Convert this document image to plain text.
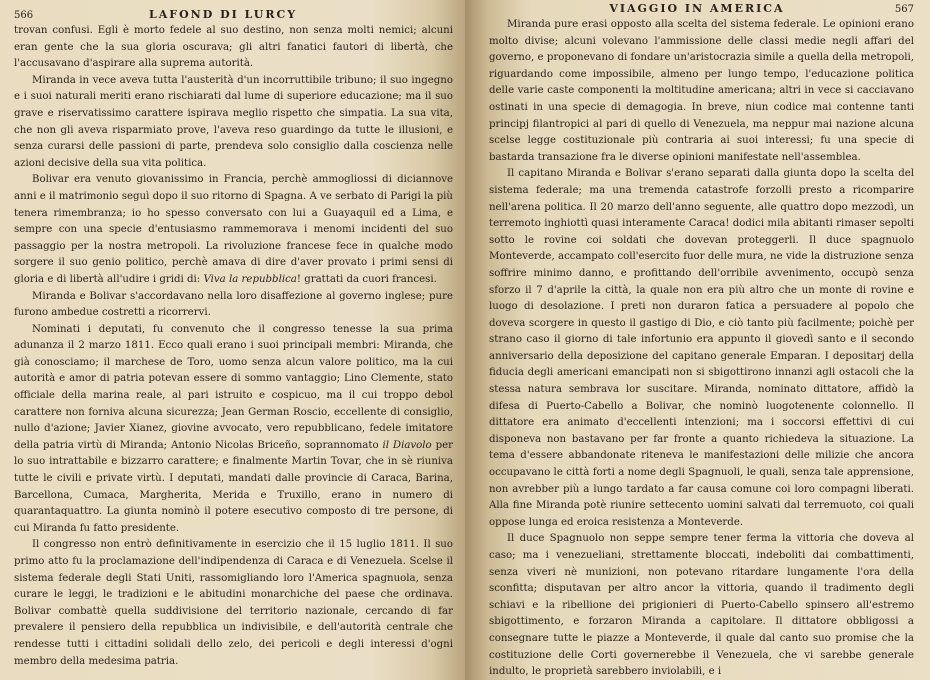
566	LAFOND DI LURCY

trovan confusi. Egli è morto fedele al suo destino, non senza molti nemici; alcuni eran gente che la sua gloria oscurava; gli altri fanatici fautori di libertà, che l'accusavano d'aspirare alla suprema autorità.

Miranda in vece aveva tutta l'austerità d'un incorruttibile tribuno; il suo ingegno e i suoi naturali meriti erano rischiarati dal lume di superiore educazione; ma il suo grave e riservatissimo carattere ispirava meglio rispetto che simpatia. La sua vita, che non gli aveva risparmiato prove, l'aveva reso guardingo da tutte le illusioni, e senza curarsi delle passioni di parte, prendeva solo consiglio dalla coscienza nelle azioni decisive della sua vita politica.

Bolivar era venuto giovanissimo in Francia, perchè ammogliossi di diciannove anni e il matrimonio seguì dopo il suo ritorno di Spagna. A ve serbato di Parigi la più tenera rimembranza; io ho spesso conversato con lui a Guayaquil ed a Lima, e sempre con una specie d'entusiasmo rammemorava i menomi incidenti del suo passaggio per la nostra metropoli. La rivoluzione francese fece in qualche modo sorgere il suo genio politico, perchè amava di dire d'aver provato i primi sensi di gloria e di libertà all'udire i gridi di: Viva la repubblica! grattati da cuori francesi.

Miranda e Bolivar s'accordavano nella loro disaffezione al governo inglese; pure furono ambedue costretti a ricorrervi.

Nominati i deputati, fu convenuto che il congresso tenesse la sua prima adunanza il 2 marzo 1811. Ecco quali erano i suoi principali membri: Miranda, che già conosciamo; il marchese de Toro, uomo senza alcun valore politico, ma la cui autorità e amor di patria potevan essere di sommo vantaggio; Lino Clemente, stato officiale della marina reale, al pari istruito e cospicuo, ma il cui troppo debol carattere non forniva alcuna sicurezza; Jean German Roscio, eccellente di consiglio, nullo d'azione; Javier Xianez, giovine avvocato, vero repubblicano, fedele imitatore della patria virtù di Miranda; Antonio Nicolas Briceño, soprannomato il Diavolo per lo suo intrattabile e bizzarro carattere; e finalmente Martin Tovar, che in sè riuniva tutte le civili e private virtù. I deputati, mandati dalle provincie di Caraca, Barina, Barcellona, Cumaca, Margherita, Merida e Truxillo, erano in numero di quarantaquattro. La giunta nominò il potere esecutivo composto di tre persone, di cui Miranda fu fatto presidente.

Il congresso non entrò definitivamente in esercizio che il 15 luglio 1811. Il suo primo atto fu la proclamazione dell'indipendenza di Caraca e di Venezuela. Scelse il sistema federale degli Stati Uniti, rassomigliando loro l'America spagnuola, senza curare le leggi, le tradizioni e le abitudini monarchiche del paese che ordinava. Bolivar combattè quella suddivisione del territorio nazionale, cercando di far prevalere il pensiero della repubblica un indivisibile, e dell'autorità centrale che rendesse tutti i cittadini solidali dello zelo, dei pericoli e degli interessi d'ogni membro della medesima patria.

VIAGGIO IN AMERICA	567

Miranda pure erasi opposto alla scelta del sistema federale. Le opinioni erano molto divise; alcuni volevano l'ammissione delle classi medie negli affari del governo, e proponevano di fondare un'aristocrazia simile a quella della metropoli, riguardando come impossibile, almeno per lungo tempo, l'educazione politica delle varie caste componenti la moltitudine americana; altri in vece si cacciavano ostinati in una specie di demagogia. In breve, niun codice mai contenne tanti principj filantropici al pari di quello di Venezuela, ma neppur mai nazione alcuna scelse legge costituzionale più contraria ai suoi interessi; fu una specie di bastarda transazione fra le diverse opinioni manifestate nell'assemblea.

Il capitano Miranda e Bolivar s'erano separati dalla giunta dopo la scelta del sistema federale; ma una tremenda catastrofe forzolli presto a ricomparire nell'arena politica. Il 20 marzo dell'anno seguente, alle quattro dopo mezzodì, un terremoto inghiottì quasi interamente Caraca! dodici mila abitanti rimaser sepolti sotto le rovine coi soldati che dovevan proteggerli. Il duce spagnuolo Monteverde, accampato coll'esercito fuor delle mura, ne vide la distruzione senza soffrire minimo danno, e profittando dell'orribile avvenimento, occupò senza sforzo il 7 d'aprile la città, la quale non era più altro che un monte di rovine e luogo di desolazione. I preti non duraron fatica a persuadere al popolo che doveva scorgere in questo il gastigo di Dio, e ciò tanto più facilmente; poichè per strano caso il giorno di tale infortunio era appunto il giovedì santo e il secondo anniversario della deposizione del capitano generale Emparan. I depositarj della fiducia degli americani emancipati non si sbigottirono innanzi agli ostacoli che la stessa natura sembrava lor suscitare. Miranda, nominato dittatore, affidò la difesa di Puerto-Cabello a Bolivar, che nominò luogotenente colonnello. Il dittatore era animato d'eccellenti intenzioni; ma i soccorsi effettivi di cui disponeva non bastavano per far fronte a quanto richiedeva la situazione. La tema d'essere abbandonate riteneva le manifestazioni delle milizie che ancora occupavano le città forti a nome degli Spagnuoli, le quali, senza tale apprensione, non avrebber più a lungo tardato a far causa comune coi loro compagni liberati. Alla fine Miranda potè riunire settecento uomini salvati dal terremuoto, coi quali oppose lunga ed eroica resistenza a Monteverde.

Il duce Spagnuolo non seppe sempre tener ferma la vittoria che doveva al caso; ma i venezueliani, strettamente bloccati, indeboliti dai combattimenti, senza viveri nè munizioni, non potevano ritardare lungamente l'ora della sconfitta; disputavan per altro ancor la vittoria, quando il tradimento degli schiavi e la ribellione dei prigionieri di Puerto-Cabello spinsero all'estremo sbigottimento, e forzaron Miranda a capitolare. Il dittatore obbligossi a consegnare tutte le piazze a Monteverde, il quale dal canto suo promise che la costituzione delle Corti governerebbe il Venezuela, che vi sarebbe generale indulto, le proprietà sarebbero inviolabili, e i
